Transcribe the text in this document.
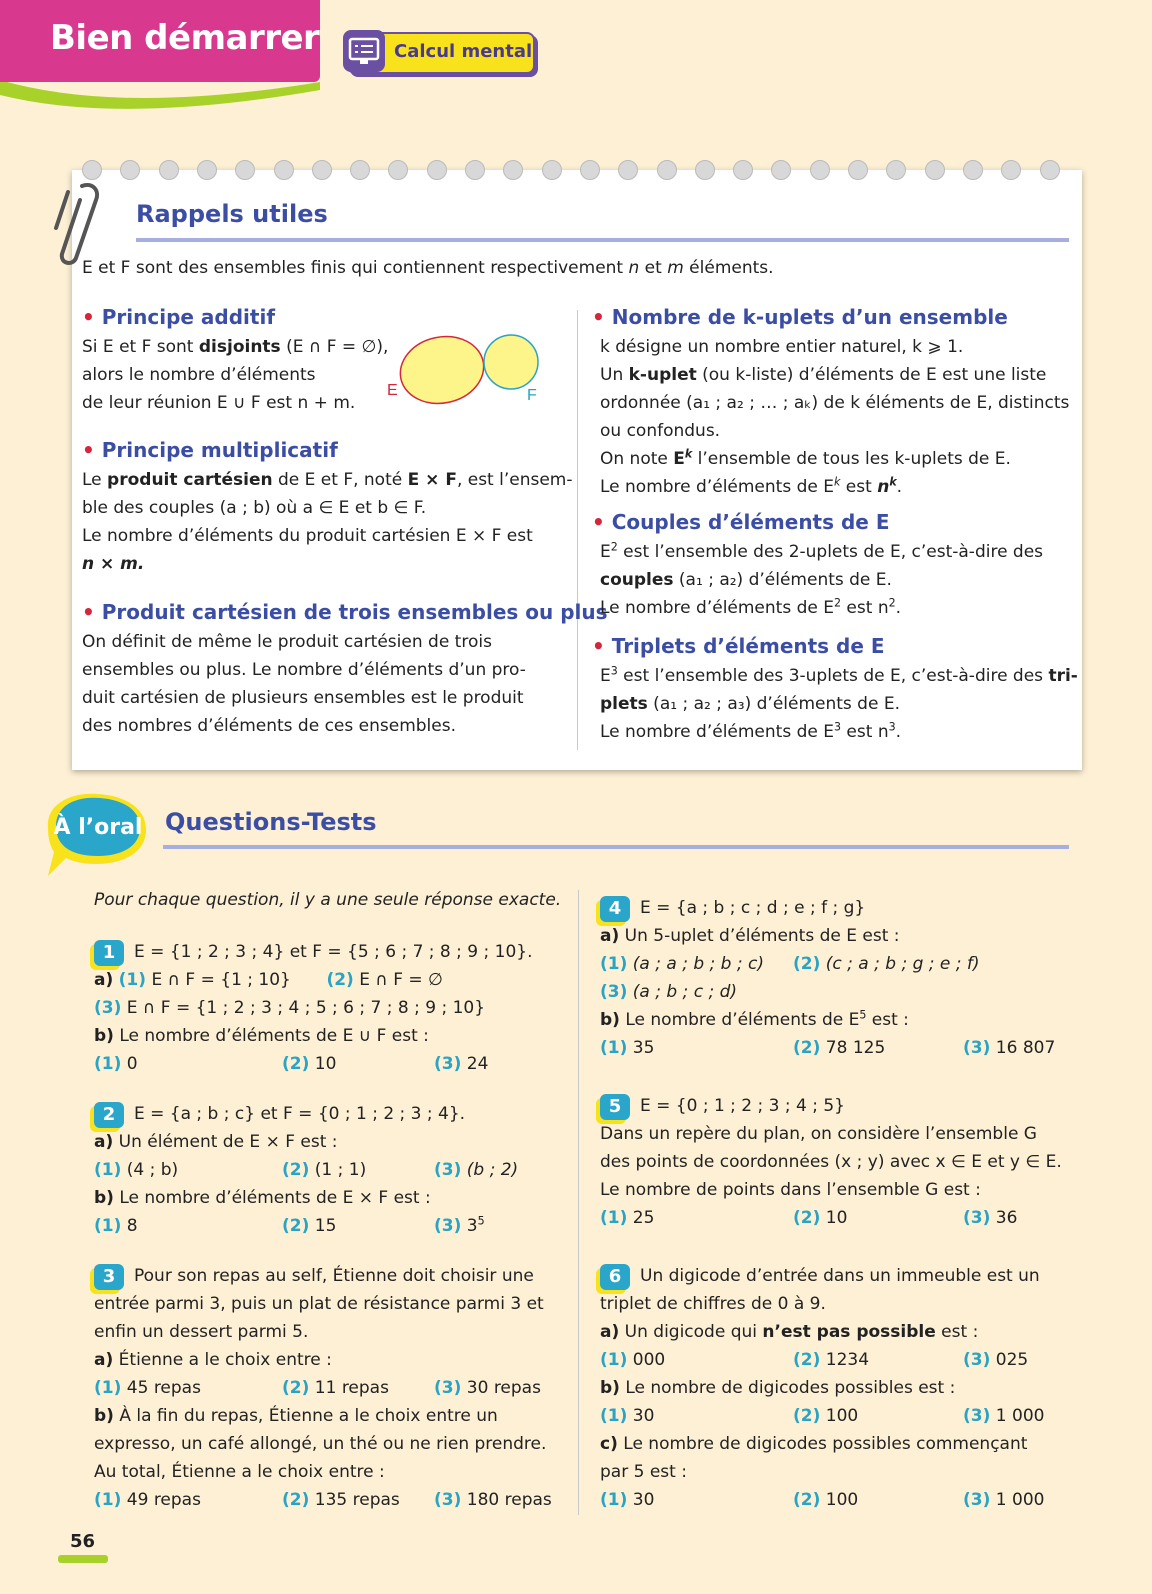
Bien démarrer	Calcul mental
Rappels utiles
E et F sont des ensembles finis qui contiennent respectivement n et m éléments.
• Principe additif
Si E et F sont disjoints (E ∩ F = ∅),
alors le nombre d’éléments
de leur réunion E ∪ F est n + m.
E	F
• Principe multiplicatif
Le produit cartésien de E et F, noté E × F, est l’ensem-
ble des couples (a ; b) où a ∈ E et b ∈ F.
Le nombre d’éléments du produit cartésien E × F est
n × m.
• Produit cartésien de trois ensembles ou plus
On définit de même le produit cartésien de trois
ensembles ou plus. Le nombre d’éléments d’un pro-
duit cartésien de plusieurs ensembles est le produit
des nombres d’éléments de ces ensembles.
• Nombre de k-uplets d’un ensemble
k désigne un nombre entier naturel, k ⩾ 1.
Un k-uplet (ou k-liste) d’éléments de E est une liste
ordonnée (a₁ ; a₂ ; … ; aₖ) de k éléments de E, distincts
ou confondus.
On note $E^k$ l’ensemble de tous les k-uplets de E.
Le nombre d’éléments de $E^k$ est $n^k$.
• Couples d’éléments de E
$E^2$ est l’ensemble des 2-uplets de E, c’est-à-dire des
couples (a₁ ; a₂) d’éléments de E.
Le nombre d’éléments de $E^2$ est $n^2$.
• Triplets d’éléments de E
$E^3$ est l’ensemble des 3-uplets de E, c’est-à-dire des tri-
plets (a₁ ; a₂ ; a₃) d’éléments de E.
Le nombre d’éléments de $E^3$ est $n^3$.
À l’oral Questions-Tests
Pour chaque question, il y a une seule réponse exacte.
1 E = {1 ; 2 ; 3 ; 4} et F = {5 ; 6 ; 7 ; 8 ; 9 ; 10}.
a) (1) E ∩ F = {1 ; 10} (2) E ∩ F = ∅
(3) E ∩ F = {1 ; 2 ; 3 ; 4 ; 5 ; 6 ; 7 ; 8 ; 9 ; 10}
b) Le nombre d’éléments de E ∪ F est :
(1) 0	(2) 10	(3) 24
2 E = {a ; b ; c} et F = {0 ; 1 ; 2 ; 3 ; 4}.
a) Un élément de E × F est :
(1) (4 ; b)	(2) (1 ; 1)	(3) (b ; 2)
b) Le nombre d’éléments de E × F est :
(1) 8	(2) 15	(3) $3^5$
3 Pour son repas au self, Étienne doit choisir une
entrée parmi 3, puis un plat de résistance parmi 3 et
enfin un dessert parmi 5.
a) Étienne a le choix entre :
(1) 45 repas	(2) 11 repas	(3) 30 repas
b) À la fin du repas, Étienne a le choix entre un
expresso, un café allongé, un thé ou ne rien prendre.
Au total, Étienne a le choix entre :
(1) 49 repas	(2) 135 repas (3) 180 repas
4 E = {a ; b ; c ; d ; e ; f ; g}
a) Un 5-uplet d’éléments de E est :
(1) (a ; a ; b ; b ; c) (2) (c ; a ; b ; g ; e ; f)
(3) (a ; b ; c ; d)
b) Le nombre d’éléments de $E^5$ est :
(1) 35	(2) 78 125	(3) 16 807
5 E = {0 ; 1 ; 2 ; 3 ; 4 ; 5}
Dans un repère du plan, on considère l’ensemble G
des points de coordonnées (x ; y) avec x ∈ E et y ∈ E.
Le nombre de points dans l’ensemble G est :
(1) 25	(2) 10	(3) 36
6 Un digicode d’entrée dans un immeuble est un
triplet de chiffres de 0 à 9.
a) Un digicode qui n’est pas possible est :
(1) 000	(2) 1234	(3) 025
b) Le nombre de digicodes possibles est :
(1) 30	(2) 100	(3) 1 000
c) Le nombre de digicodes possibles commençant
par 5 est :
(1) 30	(2) 100	(3) 1 000
56
